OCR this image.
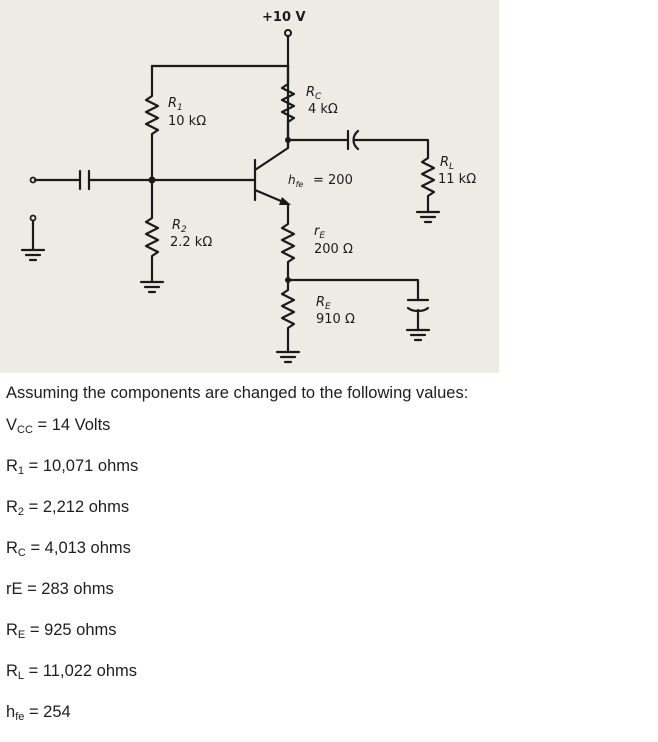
+10 V
$R_1$
10 kΩ
$R_2$
2.2 kΩ
$R_C$
4 kΩ
$h_{fe} = 200$
$r_E$
200 Ω
$R_E$
910 Ω
$R_L$
11 kΩ

Assuming the components are changed to the following values:

$V_{CC} = 14$ Volts
$R_1 = 10,071$ ohms
$R_2 = 2,212$ ohms
$R_C = 4,013$ ohms
rE = 283 ohms
$R_E = 925$ ohms
$R_L = 11,022$ ohms
$h_{fe} = 254$
